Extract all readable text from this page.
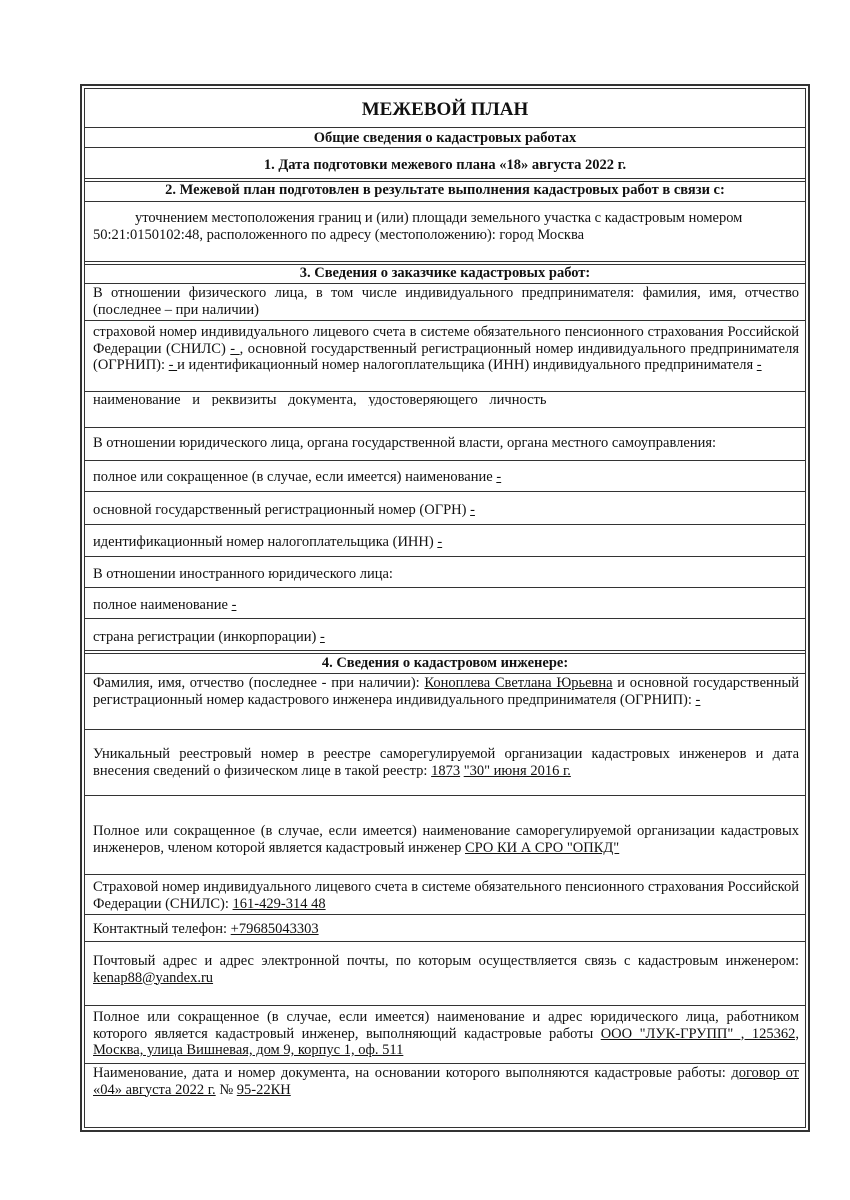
МЕЖЕВОЙ ПЛАН
Общие сведения о кадастровых работах
1. Дата подготовки межевого плана «18» августа 2022 г.
2. Межевой план подготовлен в результате выполнения кадастровых работ в связи с:
уточнением местоположения границ и (или) площади земельного участка с кадастровым номером
50:21:0150102:48, расположенного по адресу (местоположению): город Москва
3. Сведения о заказчике кадастровых работ:
В отношении физического лица, в том числе индивидуального предпринимателя: фамилия, имя, отчество (последнее – при наличии)
страховой номер индивидуального лицевого счета в системе обязательного пенсионного страхования Российской Федерации (СНИЛС) - , основной государственный регистрационный номер индивидуального предпринимателя (ОГРНИП): - и идентификационный номер налогоплательщика (ИНН) индивидуального предпринимателя -
наименование и реквизиты документа, удостоверяющего личность
В отношении юридического лица, органа государственной власти, органа местного самоуправления:
полное или сокращенное (в случае, если имеется) наименование -
основной государственный регистрационный номер (ОГРН) -
идентификационный номер налогоплательщика (ИНН) -
В отношении иностранного юридического лица:
полное наименование -
страна регистрации (инкорпорации) -
4. Сведения о кадастровом инженере:
Фамилия, имя, отчество (последнее - при наличии): Коноплева Светлана Юрьевна и основной государственный регистрационный номер кадастрового инженера индивидуального предпринимателя (ОГРНИП): -
Уникальный реестровый номер в реестре саморегулируемой организации кадастровых инженеров и дата внесения сведений о физическом лице в такой реестр: 1873 "30" июня 2016 г.
Полное или сокращенное (в случае, если имеется) наименование саморегулируемой организации кадастровых инженеров, членом которой является кадастровый инженер СРО КИ А СРО "ОПКД"
Страховой номер индивидуального лицевого счета в системе обязательного пенсионного страхования Российской Федерации (СНИЛС): 161-429-314 48
Контактный телефон: +79685043303
Почтовый адрес и адрес электронной почты, по которым осуществляется связь с кадастровым инженером: kenap88@yandex.ru
Полное или сокращенное (в случае, если имеется) наименование и адрес юридического лица, работником которого является кадастровый инженер, выполняющий кадастровые работы ООО "ЛУК-ГРУПП" , 125362, Москва, улица Вишневая, дом 9, корпус 1, оф. 511
Наименование, дата и номер документа, на основании которого выполняются кадастровые работы: договор от «04» августа 2022 г. № 95-22КН
